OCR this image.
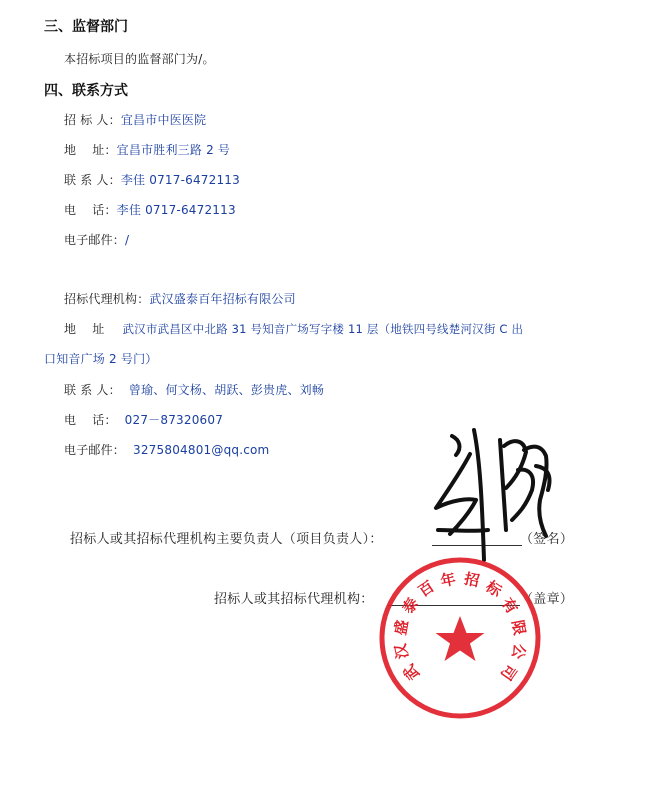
三、监督部门
本招标项目的监督部门为/。
四、联系方式
招 标 人：宜昌市中医医院
地    址：宜昌市胜利三路 2 号
联 系 人：李佳 0717-6472113
电    话：李佳 0717-6472113
电子邮件：/
招标代理机构：武汉盛泰百年招标有限公司
地    址 武汉市武昌区中北路 31 号知音广场写字楼 11 层（地铁四号线楚河汉街 C 出
口知音广场 2 号门）
联 系 人： 曾瑜、何文杨、胡跃、彭贵虎、刘畅
电    话： 027－87320607
电子邮件： 3275804801@qq.com
招标人或其招标代理机构主要负责人（项目负责人）：	（签名）
招标人或其招标代理机构：	（盖章）
武
汉
盛
泰
百 年 招 标
有
限
公
司
